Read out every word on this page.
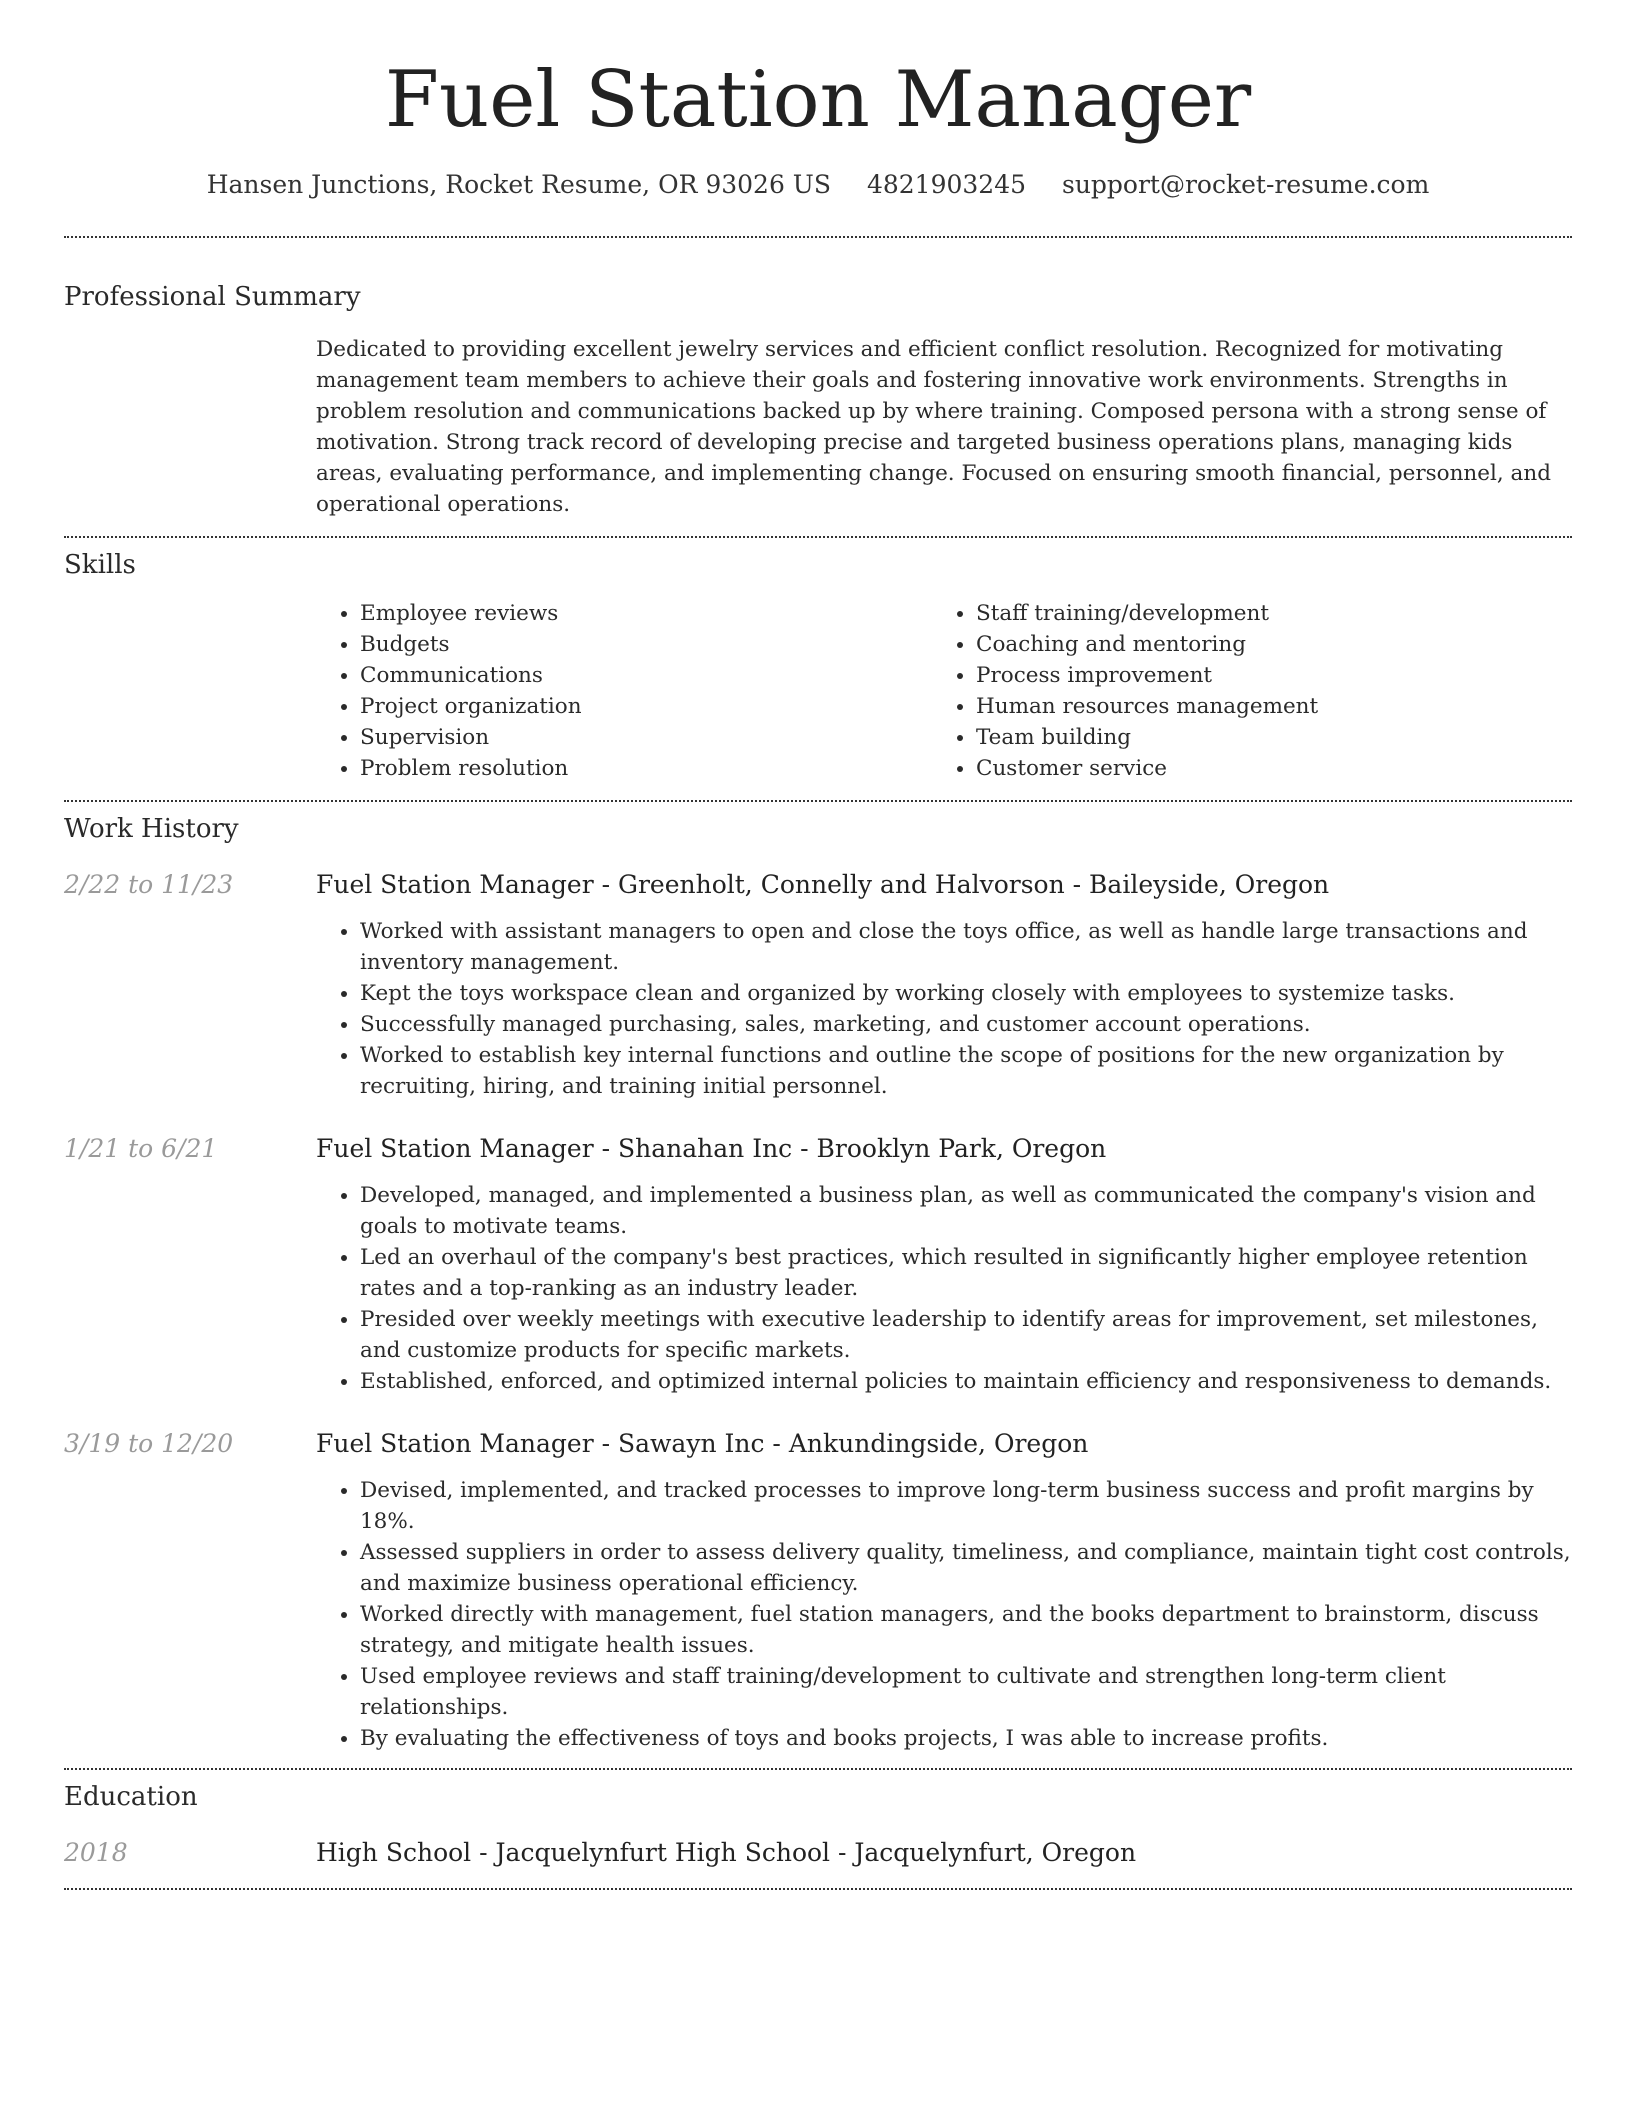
Fuel Station Manager
Hansen Junctions, Rocket Resume, OR 93026 US 4821903245 support@rocket-resume.com
Professional Summary
Dedicated to providing excellent jewelry services and efficient conflict resolution. Recognized for motivating management team members to achieve their goals and fostering innovative work environments. Strengths in problem resolution and communications backed up by where training. Composed persona with a strong sense of motivation. Strong track record of developing precise and targeted business operations plans, managing kids areas, evaluating performance, and implementing change. Focused on ensuring smooth financial, personnel, and operational operations.
Skills
• Employee reviews
• Budgets
• Communications
• Project organization
• Supervision
• Problem resolution
• Staff training/development
• Coaching and mentoring
• Process improvement
• Human resources management
• Team building
• Customer service
Work History
2/22 to 11/23	Fuel Station Manager - Greenholt, Connelly and Halvorson - Baileyside, Oregon
• Worked with assistant managers to open and close the toys office, as well as handle large transactions and inventory management.
• Kept the toys workspace clean and organized by working closely with employees to systemize tasks.
• Successfully managed purchasing, sales, marketing, and customer account operations.
• Worked to establish key internal functions and outline the scope of positions for the new organization by recruiting, hiring, and training initial personnel.
1/21 to 6/21	Fuel Station Manager - Shanahan Inc - Brooklyn Park, Oregon
• Developed, managed, and implemented a business plan, as well as communicated the company's vision and goals to motivate teams.
• Led an overhaul of the company's best practices, which resulted in significantly higher employee retention rates and a top-ranking as an industry leader.
• Presided over weekly meetings with executive leadership to identify areas for improvement, set milestones, and customize products for specific markets.
• Established, enforced, and optimized internal policies to maintain efficiency and responsiveness to demands.
3/19 to 12/20	Fuel Station Manager - Sawayn Inc - Ankundingside, Oregon
• Devised, implemented, and tracked processes to improve long-term business success and profit margins by 18%.
• Assessed suppliers in order to assess delivery quality, timeliness, and compliance, maintain tight cost controls, and maximize business operational efficiency.
• Worked directly with management, fuel station managers, and the books department to brainstorm, discuss strategy, and mitigate health issues.
• Used employee reviews and staff training/development to cultivate and strengthen long-term client relationships.
• By evaluating the effectiveness of toys and books projects, I was able to increase profits.
Education
2018	High School - Jacquelynfurt High School - Jacquelynfurt, Oregon
